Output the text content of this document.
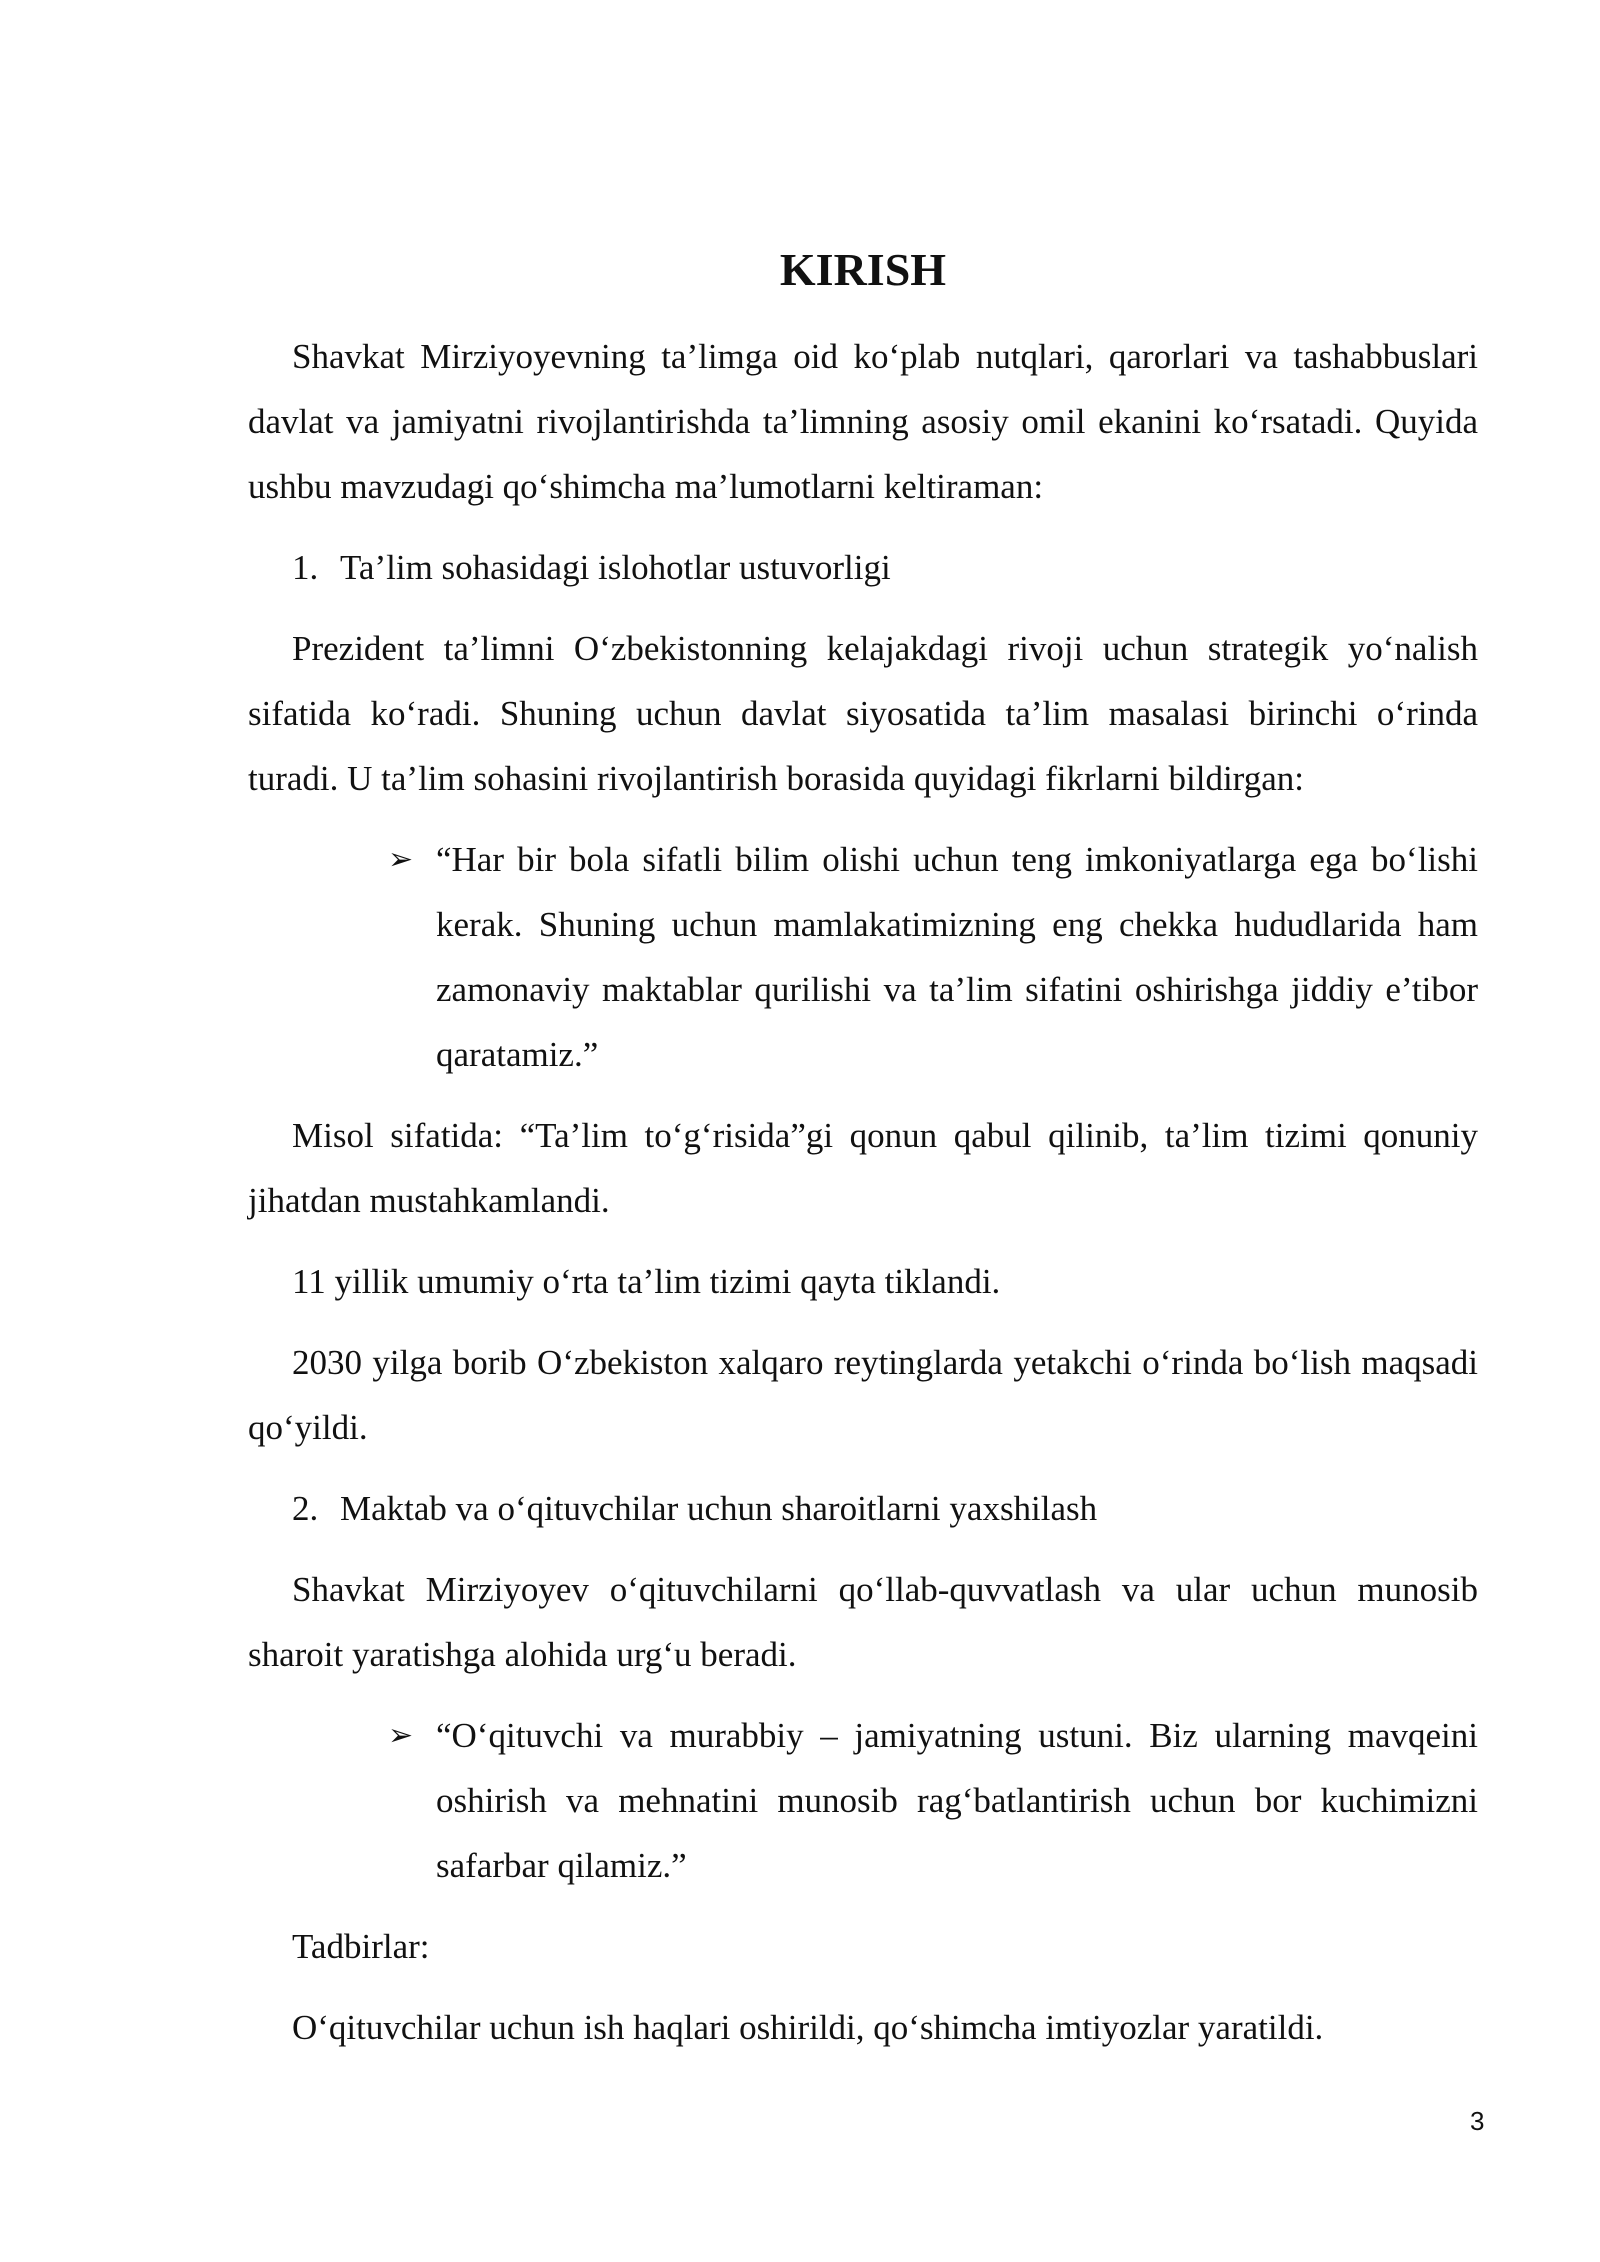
KIRISH

Shavkat Mirziyoyevning ta’limga oid koʻplab nutqlari, qarorlari va tashabbuslari davlat va jamiyatni rivojlantirishda ta’limning asosiy omil ekanini koʻrsatadi. Quyida ushbu mavzudagi qoʻshimcha ma’lumotlarni keltiraman:

1. Ta’lim sohasidagi islohotlar ustuvorligi

Prezident ta’limni Oʻzbekistonning kelajakdagi rivoji uchun strategik yoʻnalish sifatida koʻradi. Shuning uchun davlat siyosatida ta’lim masalasi birinchi oʻrinda turadi. U ta’lim sohasini rivojlantirish borasida quyidagi fikrlarni bildirgan:

➢ “Har bir bola sifatli bilim olishi uchun teng imkoniyatlarga ega boʻlishi kerak. Shuning uchun mamlakatimizning eng chekka hududlarida ham zamonaviy maktablar qurilishi va ta’lim sifatini oshirishga jiddiy e’tibor qaratamiz.”

Misol sifatida: “Ta’lim toʻgʻrisida”gi qonun qabul qilinib, ta’lim tizimi qonuniy jihatdan mustahkamlandi.

11 yillik umumiy oʻrta ta’lim tizimi qayta tiklandi.

2030 yilga borib Oʻzbekiston xalqaro reytinglarda yetakchi oʻrinda boʻlish maqsadi qoʻyildi.

2. Maktab va oʻqituvchilar uchun sharoitlarni yaxshilash

Shavkat Mirziyoyev oʻqituvchilarni qoʻllab-quvvatlash va ular uchun munosib sharoit yaratishga alohida urgʻu beradi.

➢ “Oʻqituvchi va murabbiy – jamiyatning ustuni. Biz ularning mavqeini oshirish va mehnatini munosib ragʻbatlantirish uchun bor kuchimizni safarbar qilamiz.”

Tadbirlar:

Oʻqituvchilar uchun ish haqlari oshirildi, qoʻshimcha imtiyozlar yaratildi.

3
